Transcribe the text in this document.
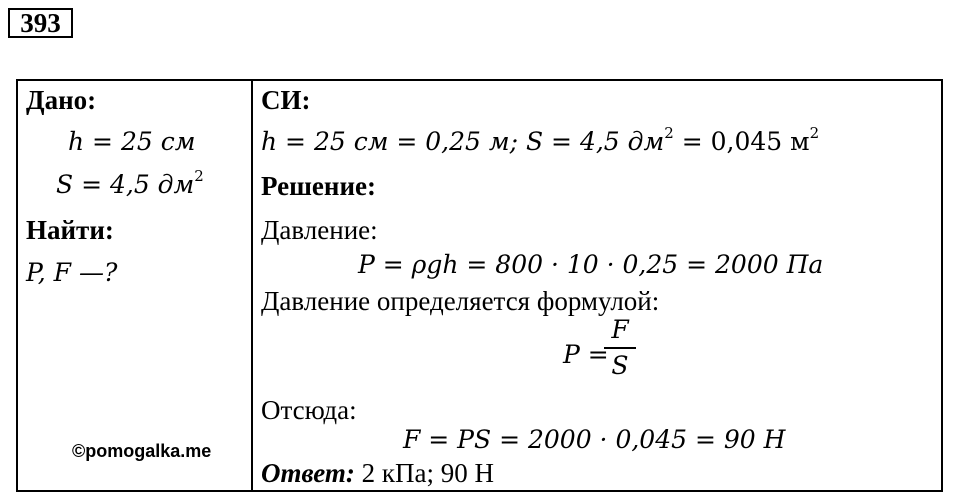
393
Дано:
h = 25 см
S = 4,5 $дм^2$
Найти:
P, F —?
СИ:
h = 25 см = 0,25 м; S = 4,5 $дм^2 = 0,045$ $м^2$
Решение:
Давление:
P = ρgh = 800 · 10 · 0,25 = 2000 Па
Давление определяется формулой:
P =
Отсюда:
F = PS = 2000 · 0,045 = 90 Н
Ответ: 2 кПа; 90 Н
F
S
©pomogalka.me
